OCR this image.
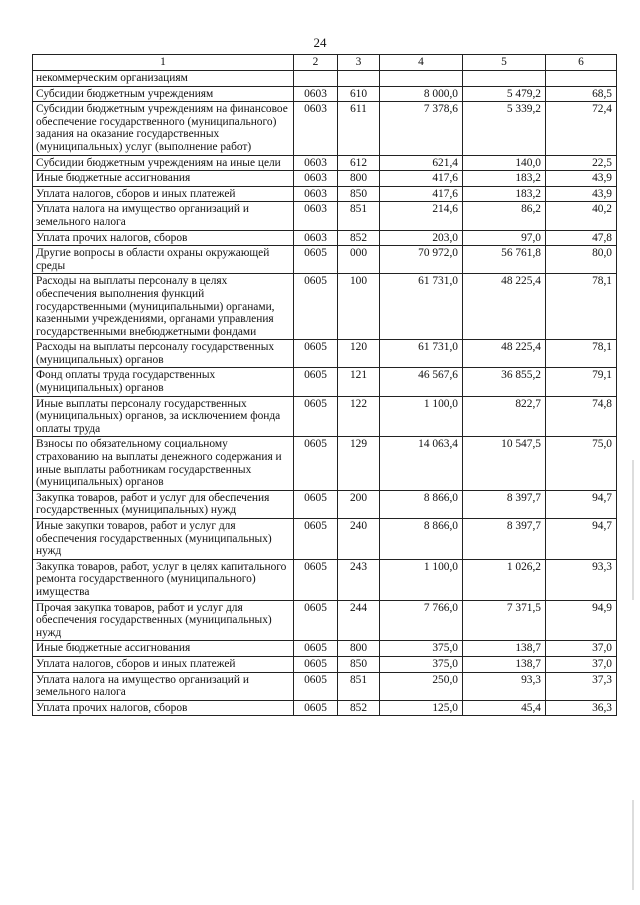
24
1	2	3	4	5	6
некоммерческим организациям					
Субсидии бюджетным учреждениям	0603	610	8 000,0	5 479,2	68,5
Субсидии бюджетным учреждениям на финансовое обеспечение государственного (муниципального) задания на оказание государственных (муниципальных) услуг (выполнение работ)	0603	611	7 378,6	5 339,2	72,4
Субсидии бюджетным учреждениям на иные цели	0603	612	621,4	140,0	22,5
Иные бюджетные ассигнования	0603	800	417,6	183,2	43,9
Уплата налогов, сборов и иных платежей	0603	850	417,6	183,2	43,9
Уплата налога на имущество организаций и земельного налога	0603	851	214,6	86,2	40,2
Уплата прочих налогов, сборов	0603	852	203,0	97,0	47,8
Другие вопросы в области охраны окружающей среды	0605	000	70 972,0	56 761,8	80,0
Расходы на выплаты персоналу в целях обеспечения выполнения функций государственными (муниципальными) органами, казенными учреждениями, органами управления государственными внебюджетными фондами	0605	100	61 731,0	48 225,4	78,1
Расходы на выплаты персоналу государственных (муниципальных) органов	0605	120	61 731,0	48 225,4	78,1
Фонд оплаты труда государственных (муниципальных) органов	0605	121	46 567,6	36 855,2	79,1
Иные выплаты персоналу государственных (муниципальных) органов, за исключением фонда оплаты труда	0605	122	1 100,0	822,7	74,8
Взносы по обязательному социальному страхованию на выплаты денежного содержания и иные выплаты работникам государственных (муниципальных) органов	0605	129	14 063,4	10 547,5	75,0
Закупка товаров, работ и услуг для обеспечения государственных (муниципальных) нужд	0605	200	8 866,0	8 397,7	94,7
Иные закупки товаров, работ и услуг для обеспечения государственных (муниципальных) нужд	0605	240	8 866,0	8 397,7	94,7
Закупка товаров, работ, услуг в целях капитального ремонта государственного (муниципального) имущества	0605	243	1 100,0	1 026,2	93,3
Прочая закупка товаров, работ и услуг для обеспечения государственных (муниципальных) нужд	0605	244	7 766,0	7 371,5	94,9
Иные бюджетные ассигнования	0605	800	375,0	138,7	37,0
Уплата налогов, сборов и иных платежей	0605	850	375,0	138,7	37,0
Уплата налога на имущество организаций и земельного налога	0605	851	250,0	93,3	37,3
Уплата прочих налогов, сборов	0605	852	125,0	45,4	36,3
